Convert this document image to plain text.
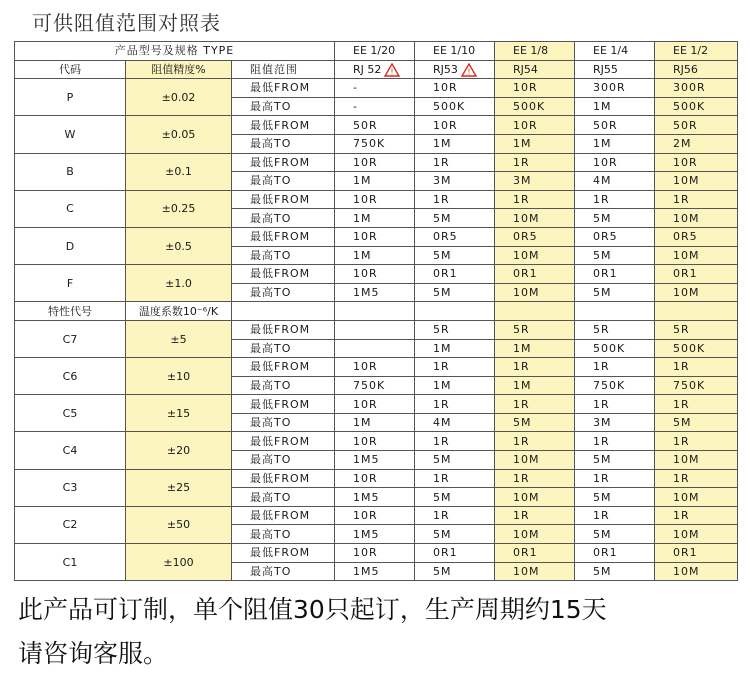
可供阻值范围对照表
产品型号及规格 TYPE			EE 1/20	EE 1/10	EE 1/8	EE 1/4	EE 1/2
代码	阻值精度%	阻值范围	RJ 52 !	RJ53 !	RJ54	RJ55	RJ56
P	±0.02	最低FROM	-	10R	10R	300R	300R
		最高TO	-	500K	500K	1M	500K
W	±0.05	最低FROM	50R	10R	10R	50R	50R
		最高TO	750K	1M	1M	1M	2M
B	±0.1	最低FROM	10R	1R	1R	10R	10R
		最高TO	1M	3M	3M	4M	10M
C	±0.25	最低FROM	10R	1R	1R	1R	1R
		最高TO	1M	5M	10M	5M	10M
D	±0.5	最低FROM	10R	0R5	0R5	0R5	0R5
		最高TO	1M	5M	10M	5M	10M
F	±1.0	最低FROM	10R	0R1	0R1	0R1	0R1
		最高TO	1M5	5M	10M	5M	10M
特性代号	温度系数10⁻⁶/K						
C7	±5	最低FROM		5R	5R	5R	5R
		最高TO		1M	1M	500K	500K
C6	±10	最低FROM	10R	1R	1R	1R	1R
		最高TO	750K	1M	1M	750K	750K
C5	±15	最低FROM	10R	1R	1R	1R	1R
		最高TO	1M	4M	5M	3M	5M
C4	±20	最低FROM	10R	1R	1R	1R	1R
		最高TO	1M5	5M	10M	5M	10M
C3	±25	最低FROM	10R	1R	1R	1R	1R
		最高TO	1M5	5M	10M	5M	10M
C2	±50	最低FROM	10R	1R	1R	1R	1R
		最高TO	1M5	5M	10M	5M	10M
C1	±100	最低FROM	10R	0R1	0R1	0R1	0R1
		最高TO	1M5	5M	10M	5M	10M
此产品可订制，单个阻值30只起订，生产周期约15天
请咨询客服。
